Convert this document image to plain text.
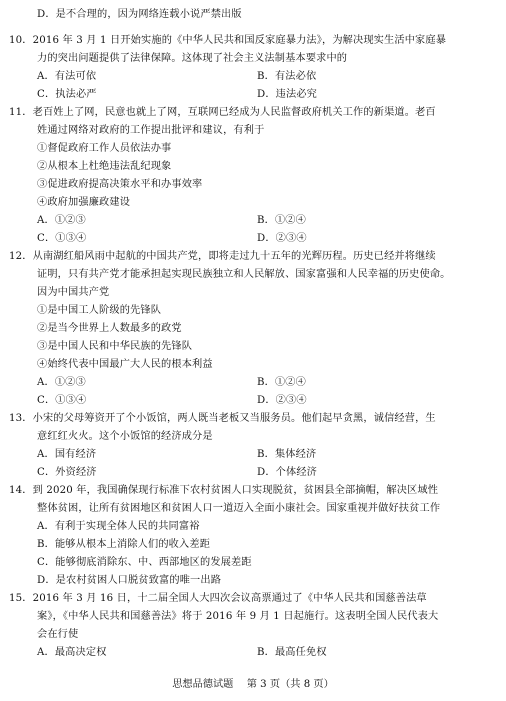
D．是不合理的，因为网络连载小说严禁出版
10．2016 年 3 月 1 日开始实施的《中华人民共和国反家庭暴力法》，为解决现实生活中家庭暴
力的突出问题提供了法律保障。这体现了社会主义法制基本要求中的
A．有法可依	B．有法必依
C．执法必严	D．违法必究
11．老百姓上了网，民意也就上了网，互联网已经成为人民监督政府机关工作的新渠道。老百
姓通过网络对政府的工作提出批评和建议，有利于
①督促政府工作人员依法办事
②从根本上杜绝违法乱纪现象
③促进政府提高决策水平和办事效率
④政府加强廉政建设
A．①②③	B．①②④
C．①③④	D．②③④
12．从南湖红船风雨中起航的中国共产党，即将走过九十五年的光辉历程。历史已经并将继续
证明，只有共产党才能承担起实现民族独立和人民解放、国家富强和人民幸福的历史使命。
因为中国共产党
①是中国工人阶级的先锋队
②是当今世界上人数最多的政党
③是中国人民和中华民族的先锋队
④始终代表中国最广大人民的根本利益
A．①②③	B．①②④
C．①③④	D．②③④
13．小宋的父母筹资开了个小饭馆，两人既当老板又当服务员。他们起早贪黑，诚信经营，生
意红红火火。这个小饭馆的经济成分是
A．国有经济	B．集体经济
C．外资经济	D．个体经济
14．到 2020 年，我国确保现行标准下农村贫困人口实现脱贫，贫困县全部摘帽，解决区域性
整体贫困，让所有贫困地区和贫困人口一道迈入全面小康社会。国家重视并做好扶贫工作
A．有利于实现全体人民的共同富裕
B．能够从根本上消除人们的收入差距
C．能够彻底消除东、中、西部地区的发展差距
D．是农村贫困人口脱贫致富的唯一出路
15．2016 年 3 月 16 日，十二届全国人大四次会议高票通过了《中华人民共和国慈善法草
案》，《中华人民共和国慈善法》将于 2016 年 9 月 1 日起施行。这表明全国人民代表大
会在行使
A．最高决定权	B．最高任免权
思想品德试题　 第 3 页（共 8 页）
